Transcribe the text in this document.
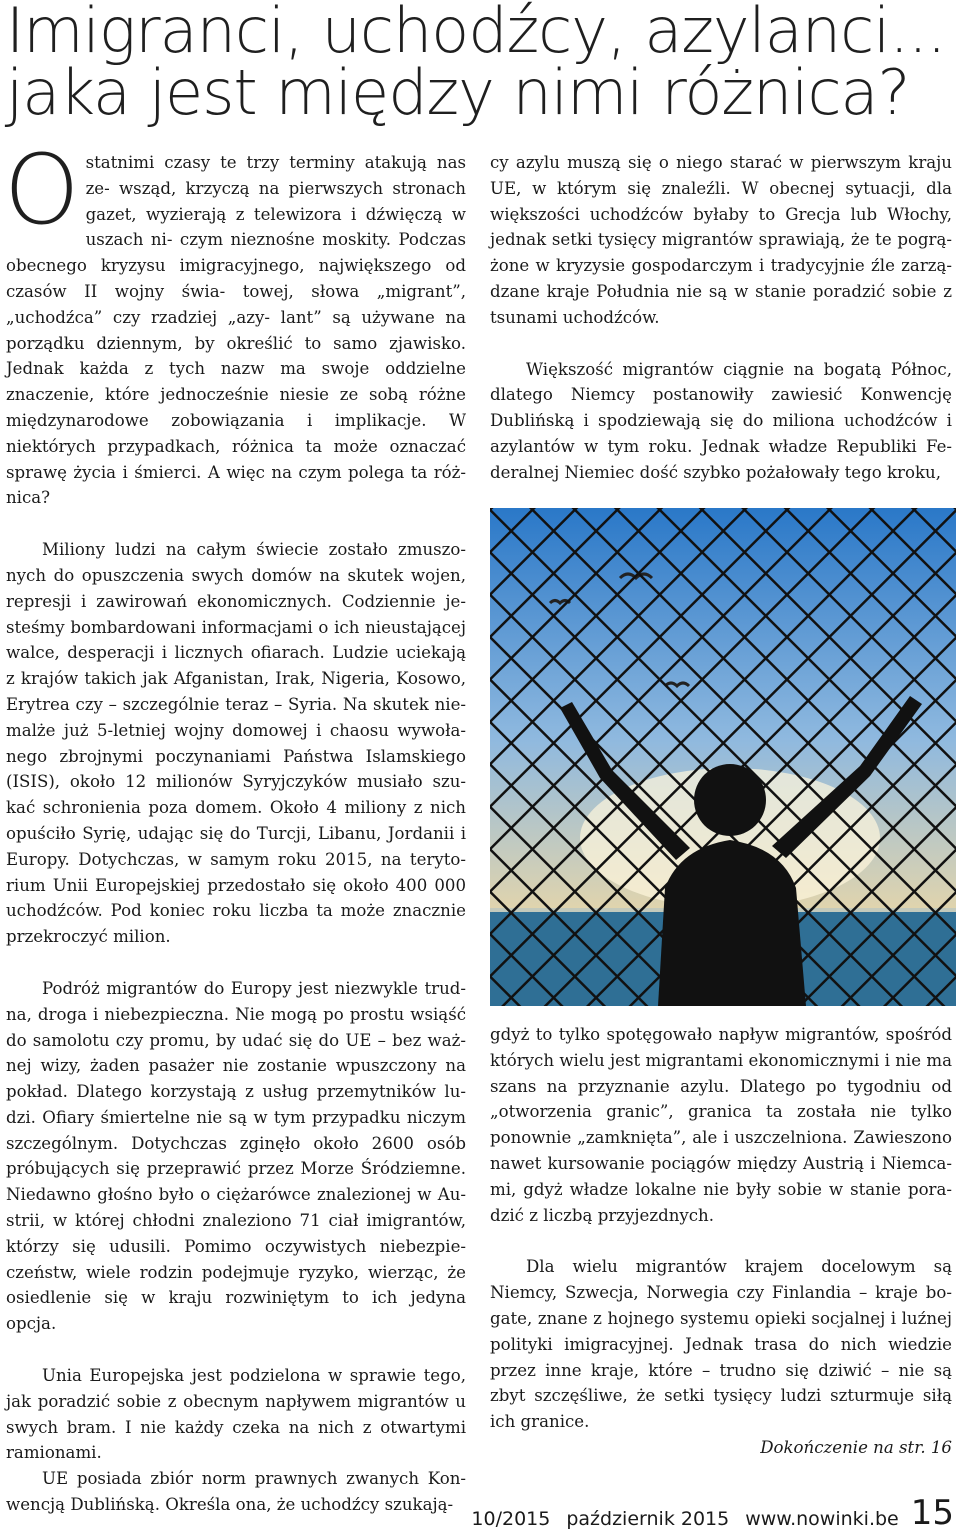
Imigranci, uchodźcy, azylanci...
jaka jest między nimi różnica?

Ostatnimi czasy te trzy terminy atakują nas ze- wsząd, krzyczą na pierwszych stronach gazet, wyzierają z telewizora i dźwięczą w uszach ni- czym nieznośne moskity. Podczas obecnego kryzysu imigracyjnego, największego od czasów II wojny świa- towej, słowa „migrant”, „uchodźca” czy rzadziej „azy- lant” są używane na porządku dziennym, by określić to samo zjawisko. Jednak każda z tych nazw ma swoje oddzielne znaczenie, które jednocześnie niesie ze sobą różne międzynarodowe zobowiązania i implikacje. W niektórych przypadkach, różnica ta może oznaczać sprawę życia i śmierci. A więc na czym polega ta róż- nica?

Miliony ludzi na całym świecie zostało zmuszo- nych do opuszczenia swych domów na skutek wojen, represji i zawirowań ekonomicznych. Codziennie je- steśmy bombardowani informacjami o ich nieustającej walce, desperacji i licznych ofiarach. Ludzie uciekają z krajów takich jak Afganistan, Irak, Nigeria, Kosowo, Erytrea czy – szczególnie teraz – Syria. Na skutek nie- malże już 5-letniej wojny domowej i chaosu wywoła- nego zbrojnymi poczynaniami Państwa Islamskiego (ISIS), około 12 milionów Syryjczyków musiało szu- kać schronienia poza domem. Około 4 miliony z nich opuściło Syrię, udając się do Turcji, Libanu, Jordanii i Europy. Dotychczas, w samym roku 2015, na teryto- rium Unii Europejskiej przedostało się około 400 000 uchodźców. Pod koniec roku liczba ta może znacznie przekroczyć milion.

Podróż migrantów do Europy jest niezwykle trud- na, droga i niebezpieczna. Nie mogą po prostu wsiąść do samolotu czy promu, by udać się do UE – bez waż- nej wizy, żaden pasażer nie zostanie wpuszczony na pokład. Dlatego korzystają z usług przemytników lu- dzi. Ofiary śmiertelne nie są w tym przypadku niczym szczególnym. Dotychczas zginęło około 2600 osób próbujących się przeprawić przez Morze Śródziemne. Niedawno głośno było o ciężarówce znalezionej w Au- strii, w której chłodni znaleziono 71 ciał imigrantów, którzy się udusili. Pomimo oczywistych niebezpie- czeństw, wiele rodzin podejmuje ryzyko, wierząc, że osiedlenie się w kraju rozwiniętym to ich jedyna opcja.

Unia Europejska jest podzielona w sprawie tego, jak poradzić sobie z obecnym napływem migrantów u swych bram. I nie każdy czeka na nich z otwartymi ramionami.

UE posiada zbiór norm prawnych zwanych Kon- wencją Dublińską. Określa ona, że uchodźcy szukają-

cy azylu muszą się o niego starać w pierwszym kraju UE, w którym się znaleźli. W obecnej sytuacji, dla większości uchodźców byłaby to Grecja lub Włochy, jednak setki tysięcy migrantów sprawiają, że te pogrą- żone w kryzysie gospodarczym i tradycyjnie źle zarzą- dzane kraje Południa nie są w stanie poradzić sobie z tsunami uchodźców.

Większość migrantów ciągnie na bogatą Północ, dlatego Niemcy postanowiły zawiesić Konwencję Dublińską i spodziewają się do miliona uchodźców i azylantów w tym roku. Jednak władze Republiki Fe- deralnej Niemiec dość szybko pożałowały tego kroku,

gdyż to tylko spotęgowało napływ migrantów, spośród których wielu jest migrantami ekonomicznymi i nie ma szans na przyznanie azylu. Dlatego po tygodniu od „otworzenia granic”, granica ta została nie tylko ponownie „zamknięta”, ale i uszczelniona. Zawieszono nawet kursowanie pociągów między Austrią i Niemca- mi, gdyż władze lokalne nie były sobie w stanie pora- dzić z liczbą przyjezdnych.

Dla wielu migrantów krajem docelowym są Niemcy, Szwecja, Norwegia czy Finlandia – kraje bo- gate, znane z hojnego systemu opieki socjalnej i luźnej polityki imigracyjnej. Jednak trasa do nich wiedzie przez inne kraje, które – trudno się dziwić – nie są zbyt szczęśliwe, że setki tysięcy ludzi szturmuje siłą ich granice.

Dokończenie na str. 16

10/2015 październik 2015 www.nowinki.be 15
